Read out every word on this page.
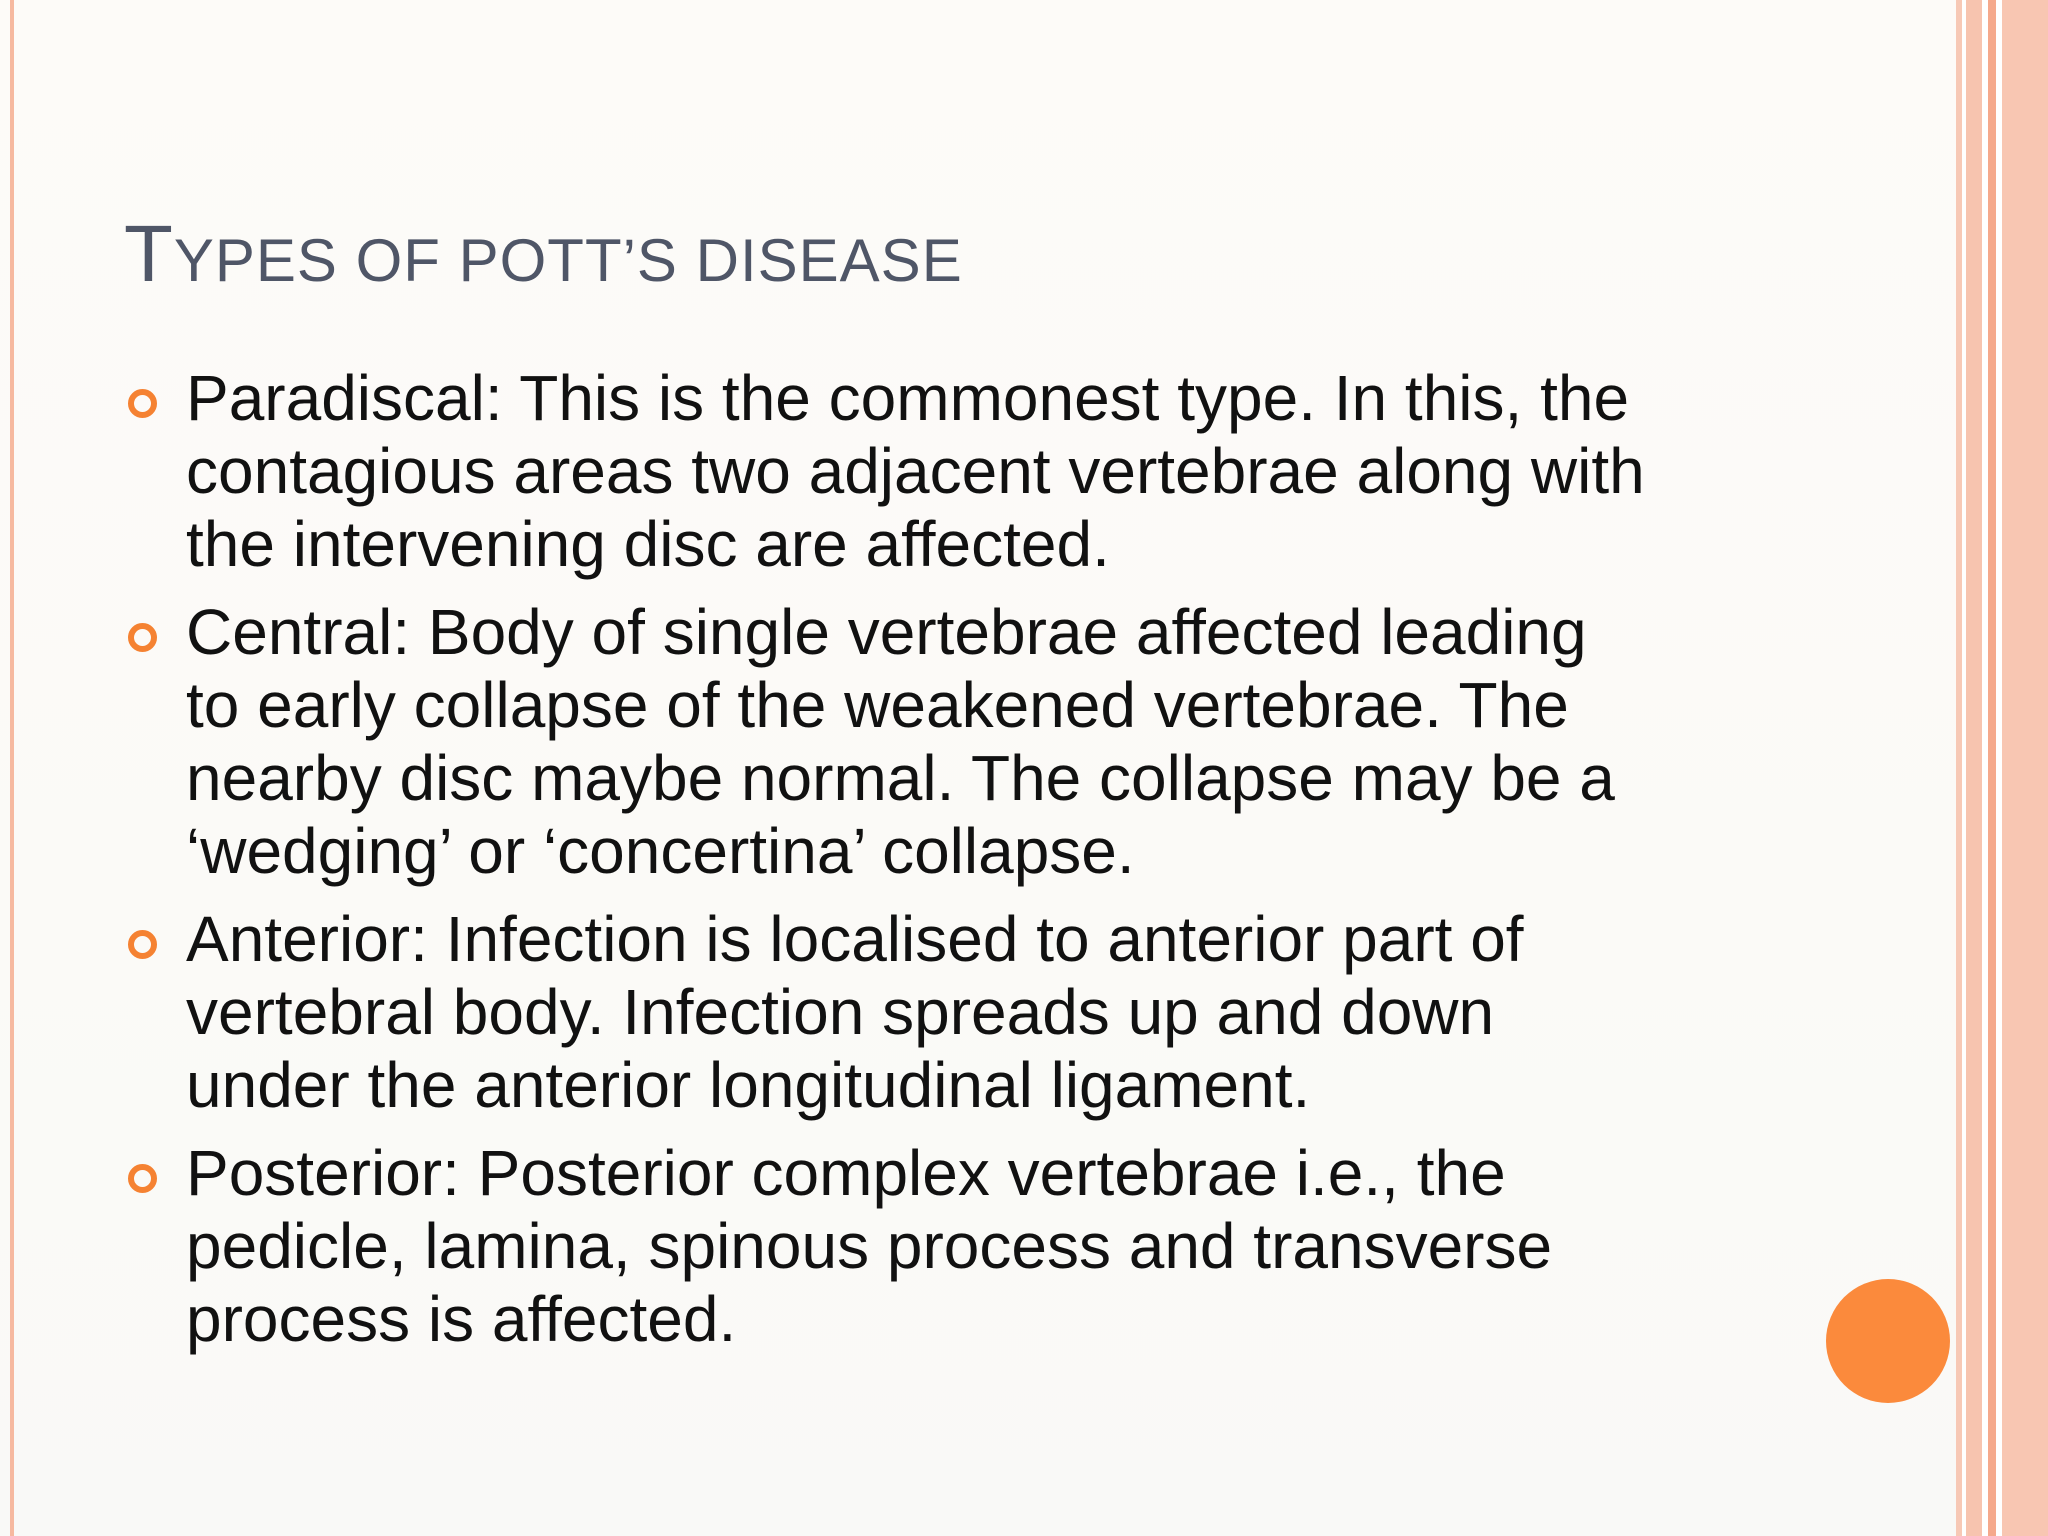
TYPES OF POTT’S DISEASE
Paradiscal: This is the commonest type. In this, the
contagious areas two adjacent vertebrae along with
the intervening disc are affected.
Central: Body of single vertebrae affected leading
to early collapse of the weakened vertebrae. The
nearby disc maybe normal. The collapse may be a
‘wedging’ or ‘concertina’ collapse.
Anterior: Infection is localised to anterior part of
vertebral body. Infection spreads up and down
under the anterior longitudinal ligament.
Posterior: Posterior complex vertebrae i.e., the
pedicle, lamina, spinous process and transverse
process is affected.
